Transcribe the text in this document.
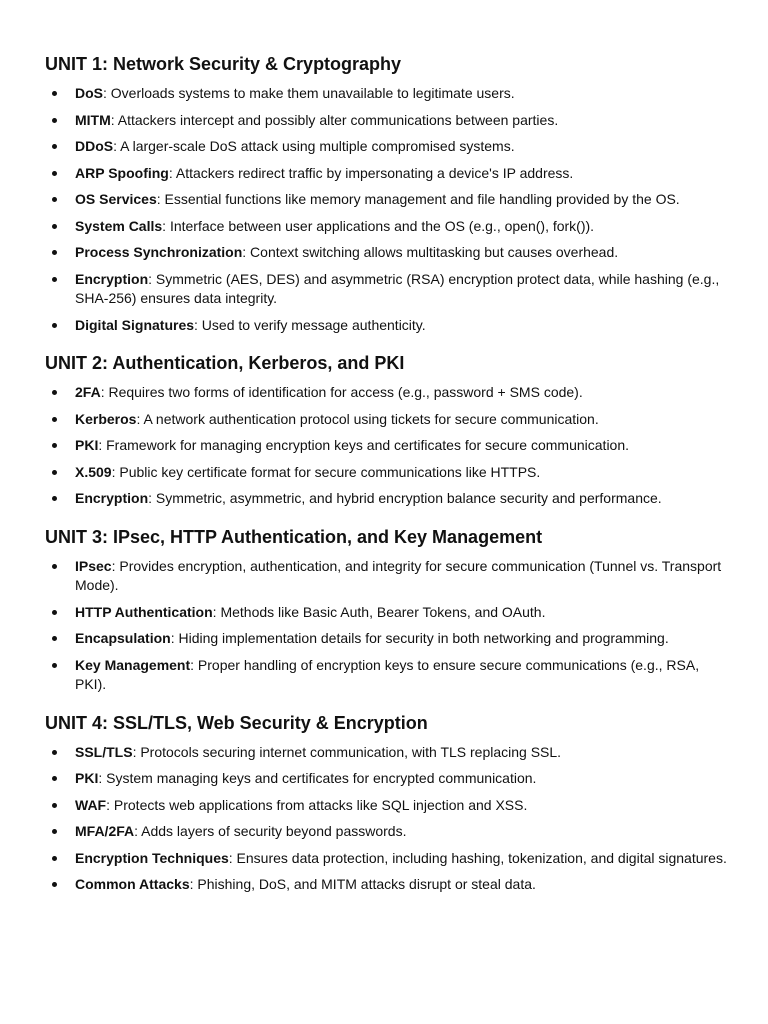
UNIT 1: Network Security & Cryptography
DoS: Overloads systems to make them unavailable to legitimate users.
MITM: Attackers intercept and possibly alter communications between parties.
DDoS: A larger-scale DoS attack using multiple compromised systems.
ARP Spoofing: Attackers redirect traffic by impersonating a device's IP address.
OS Services: Essential functions like memory management and file handling provided by the OS.
System Calls: Interface between user applications and the OS (e.g., open(), fork()).
Process Synchronization: Context switching allows multitasking but causes overhead.
Encryption: Symmetric (AES, DES) and asymmetric (RSA) encryption protect data, while hashing (e.g., SHA-256) ensures data integrity.
Digital Signatures: Used to verify message authenticity.
UNIT 2: Authentication, Kerberos, and PKI
2FA: Requires two forms of identification for access (e.g., password + SMS code).
Kerberos: A network authentication protocol using tickets for secure communication.
PKI: Framework for managing encryption keys and certificates for secure communication.
X.509: Public key certificate format for secure communications like HTTPS.
Encryption: Symmetric, asymmetric, and hybrid encryption balance security and performance.
UNIT 3: IPsec, HTTP Authentication, and Key Management
IPsec: Provides encryption, authentication, and integrity for secure communication (Tunnel vs. Transport Mode).
HTTP Authentication: Methods like Basic Auth, Bearer Tokens, and OAuth.
Encapsulation: Hiding implementation details for security in both networking and programming.
Key Management: Proper handling of encryption keys to ensure secure communications (e.g., RSA, PKI).
UNIT 4: SSL/TLS, Web Security & Encryption
SSL/TLS: Protocols securing internet communication, with TLS replacing SSL.
PKI: System managing keys and certificates for encrypted communication.
WAF: Protects web applications from attacks like SQL injection and XSS.
MFA/2FA: Adds layers of security beyond passwords.
Encryption Techniques: Ensures data protection, including hashing, tokenization, and digital signatures.
Common Attacks: Phishing, DoS, and MITM attacks disrupt or steal data.
